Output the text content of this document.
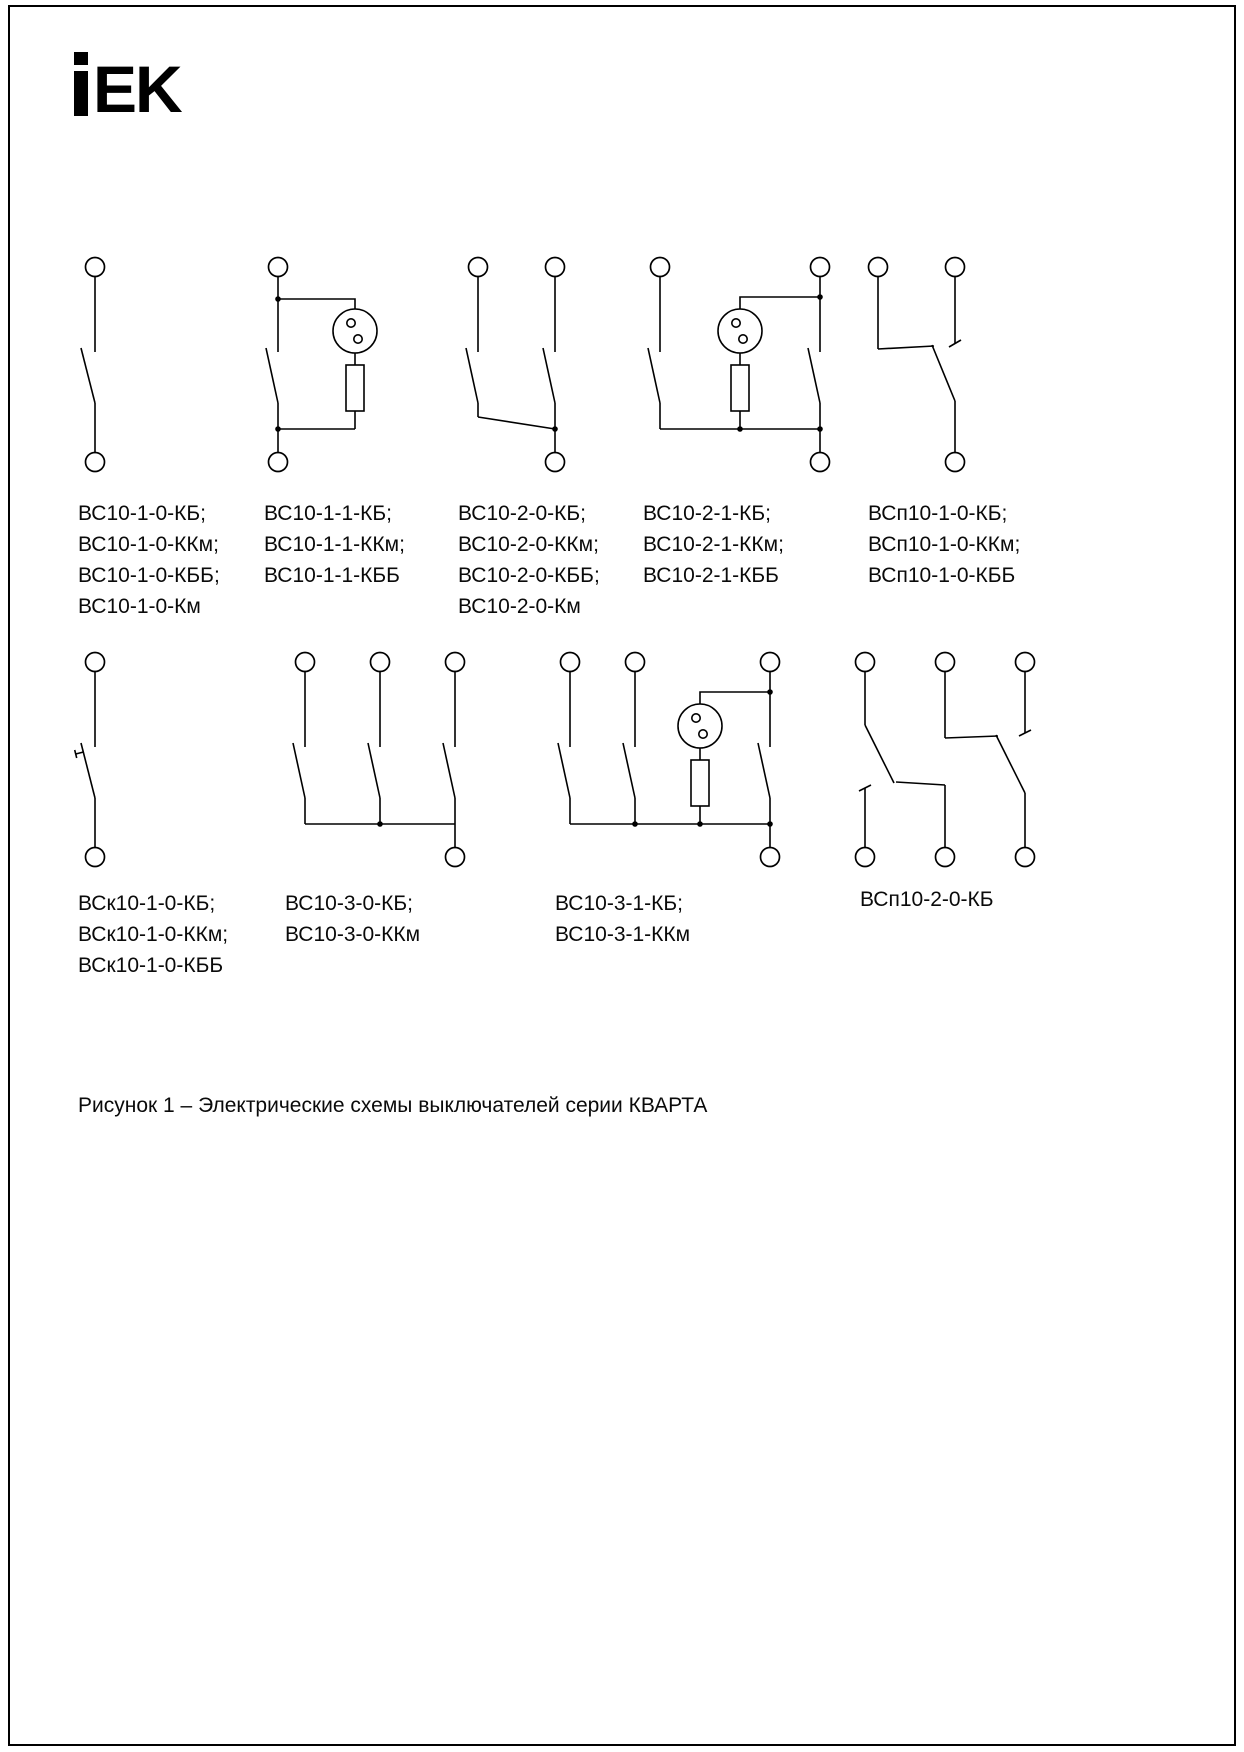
EK
ВС10-1-0-КБ;
ВС10-1-0-ККм;
ВС10-1-0-КББ;
ВС10-1-0-Км
ВС10-1-1-КБ;
ВС10-1-1-ККм;
ВС10-1-1-КББ
ВС10-2-0-КБ;
ВС10-2-0-ККм;
ВС10-2-0-КББ;
ВС10-2-0-Км
ВС10-2-1-КБ;
ВС10-2-1-ККм;
ВС10-2-1-КББ
ВСп10-1-0-КБ;
ВСп10-1-0-ККм;
ВСп10-1-0-КББ
ВСк10-1-0-КБ;
ВСк10-1-0-ККм;
ВСк10-1-0-КББ
ВС10-3-0-КБ;
ВС10-3-0-ККм
ВС10-3-1-КБ;
ВС10-3-1-ККм
ВСп10-2-0-КБ
Рисунок 1 – Электрические схемы выключателей серии КВАРТА
